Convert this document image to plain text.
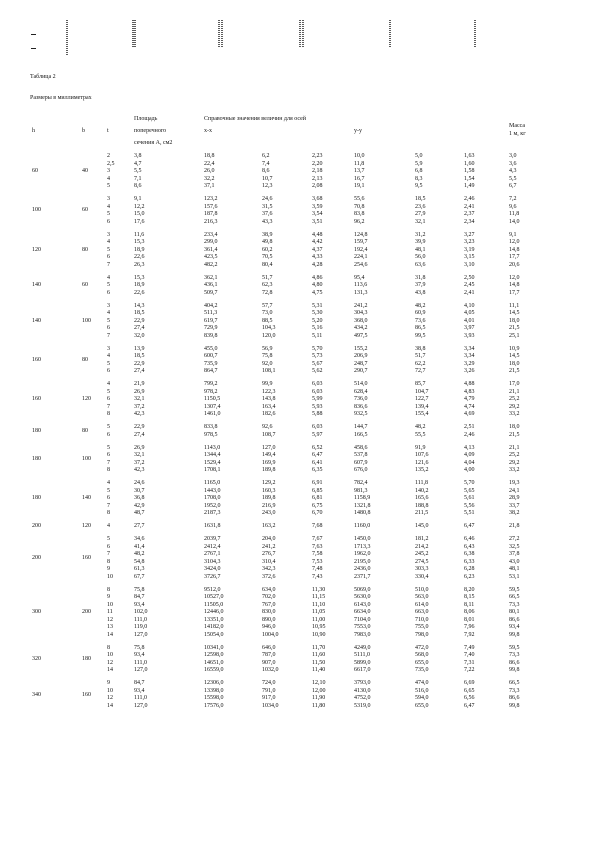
Таблица 2
Размеры в миллиметрах
h	b	t
Площадь
поперечного
сечения A, см2
Справочные значения величин для осей
x-x	y-y
Масса
1 м, кг
60	40
2	3,8	18,8	6,2	2,23	10,0	5,0	1,63	3,0
2,5	4,7	22,4	7,4	2,20	11,8	5,9	1,60	3,6
3	5,5	26,0	8,6	2,18	13,7	6,8	1,58	4,3
4	7,1	32,2	10,7	2,13	16,7	8,3	1,54	5,5
5	8,6	37,1	12,3	2,08	19,1	9,5	1,49	6,7
100	60
3	9,1	123,2	24,6	3,68	55,6	18,5	2,46	7,2
4	12,2	157,6	31,5	3,59	70,8	23,6	2,41	9,6
5	15,0	187,8	37,6	3,54	83,8	27,9	2,37	11,8
6	17,6	216,3	43,3	3,51	96,2	32,1	2,34	14,0
120	80
3	11,6	233,4	38,9	4,48	124,8	31,2	3,27	9,1
4	15,3	299,0	49,8	4,42	159,7	39,9	3,23	12,0
5	18,9	361,4	60,2	4,37	192,4	48,1	3,19	14,8
6	22,6	423,5	70,5	4,33	224,1	56,0	3,15	17,7
7	26,3	482,2	80,4	4,28	254,6	63,6	3,10	20,6
140	60
4	15,3	362,1	51,7	4,86	95,4	31,8	2,50	12,0
5	18,9	436,1	62,3	4,80	113,6	37,9	2,45	14,8
6	22,6	509,7	72,8	4,75	131,3	43,8	2,41	17,7
140	100
3	14,3	404,2	57,7	5,31	241,2	48,2	4,10	11,1
4	18,5	511,3	73,0	5,30	304,3	60,9	4,05	14,5
5	22,9	619,7	88,5	5,20	368,0	73,6	4,01	18,0
6	27,4	729,9	104,3	5,16	434,2	86,5	3,97	21,5
7	32,0	839,8	120,0	5,11	497,5	99,5	3,93	25,1
160	80
3	13,9	455,0	56,9	5,70	155,2	38,8	3,34	10,9
4	18,5	600,7	75,8	5,73	206,9	51,7	3,34	14,5
5	22,9	735,9	92,0	5,67	248,7	62,2	3,29	18,0
6	27,4	864,7	108,1	5,62	290,7	72,7	3,26	21,5
160	120
4	21,9	799,2	99,9	6,03	514,0	85,7	4,88	17,0
5	26,9	978,2	122,3	6,03	628,4	104,7	4,83	21,1
6	32,1	1150,5	143,8	5,99	736,0	122,7	4,79	25,2
7	37,2	1307,4	163,4	5,93	836,6	139,4	4,74	29,2
8	42,3	1461,0	182,6	5,88	932,5	155,4	4,69	33,2
180	80
5	22,9	833,8	92,6	6,03	144,7	48,2	2,51	18,0
6	27,4	978,5	108,7	5,97	166,5	55,5	2,46	21,5
180	100
5	26,9	1143,0	127,0	6,52	458,6	91,9	4,13	21,1
6	32,1	1344,4	149,4	6,47	537,8	107,6	4,09	25,2
7	37,2	1529,4	169,9	6,41	607,9	121,6	4,04	29,2
8	42,3	1708,1	189,8	6,35	676,0	135,2	4,00	33,2
180	140
4	24,6	1165,0	129,2	6,91	782,4	111,8	5,70	19,3
5	30,7	1443,0	160,3	6,85	981,3	140,2	5,65	24,1
6	36,8	1708,0	189,8	6,81	1158,9	165,6	5,61	28,9
7	42,9	1952,0	216,9	6,75	1321,8	188,8	5,56	33,7
8	48,7	2187,3	243,0	6,70	1480,8	211,5	5,51	38,2
200	120	4	27,7	1631,8	163,2	7,68	1160,0	145,0	6,47	21,8
200	160
5	34,6	2039,7	204,0	7,67	1450,0	181,2	6,46	27,2
6	41,4	2412,4	241,2	7,63	1713,3	214,2	6,43	32,5
7	48,2	2767,1	276,7	7,58	1962,0	245,2	6,38	37,8
8	54,8	3104,3	310,4	7,53	2195,0	274,5	6,33	43,0
9	61,3	3424,0	342,3	7,48	2436,0	303,3	6,28	48,1
10	67,7	3726,7	372,6	7,43	2371,7	330,4	6,23	53,1
300	200
8	75,8	9512,0	634,0	11,30	5069,0	510,0	8,20	59,5
9	84,7	10527,0	702,0	11,15	5630,0	563,0	8,15	66,5
10	93,4	11505,0	767,0	11,10	6143,0	614,0	8,11	73,3
11	102,0	12446,0	830,0	11,05	6634,0	663,0	8,06	80,1
12	111,0	13351,0	890,0	11,00	7104,0	710,0	8,01	86,6
13	119,0	14182,0	946,0	10,95	7553,0	755,0	7,96	93,4
14	127,0	15054,0	1004,0	10,90	7983,0	798,0	7,92	99,8
320	180
8	75,8	10341,0	646,0	11,70	4249,0	472,0	7,49	59,5
10	93,4	12598,0	787,0	11,60	5111,0	568,0	7,40	73,3
12	111,0	14651,0	907,0	11,50	5899,0	655,0	7,31	86,6
14	127,0	16559,0	1032,0	11,40	6617,0	735,0	7,22	99,8
340	160
9	84,7	12306,0	724,0	12,10	3793,0	474,0	6,69	66,5
10	93,4	13398,0	791,0	12,00	4130,0	516,0	6,65	73,3
12	111,0	15598,0	917,0	11,90	4752,0	594,0	6,56	86,6
14	127,0	17576,0	1034,0	11,80	5319,0	655,0	6,47	99,8
